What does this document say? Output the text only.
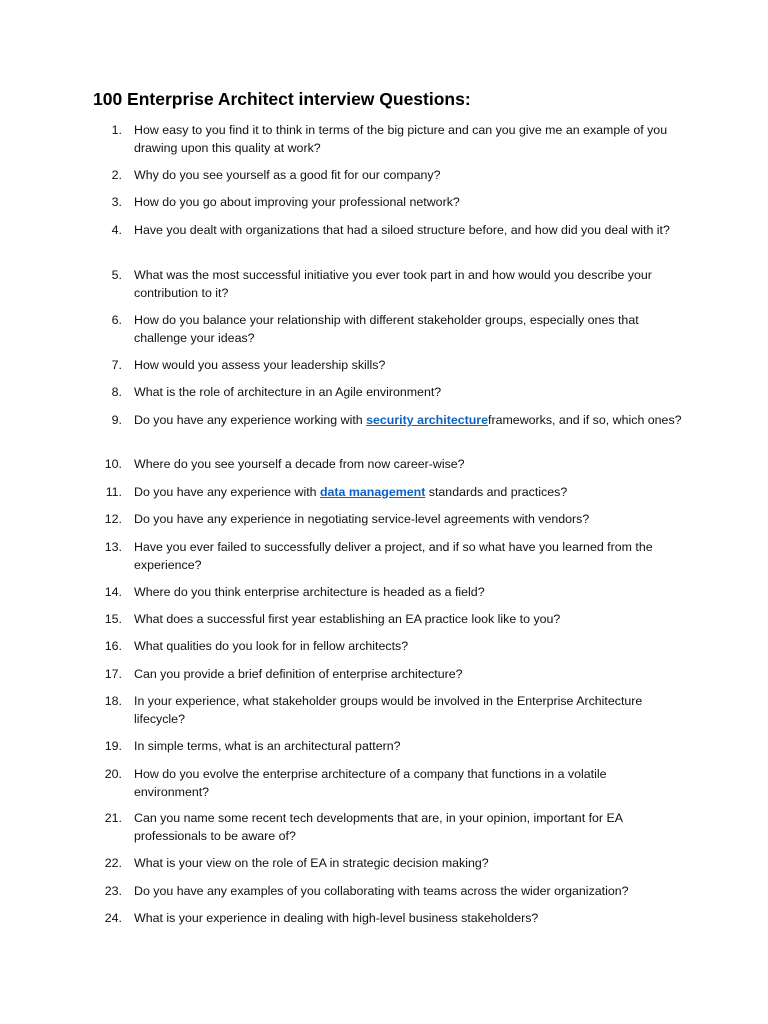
100 Enterprise Architect interview Questions:
1. How easy to you find it to think in terms of the big picture and can you give me an example of you drawing upon this quality at work?
2. Why do you see yourself as a good fit for our company?
3. How do you go about improving your professional network?
4. Have you dealt with organizations that had a siloed structure before, and how did you deal with it?
5. What was the most successful initiative you ever took part in and how would you describe your contribution to it?
6. How do you balance your relationship with different stakeholder groups, especially ones that challenge your ideas?
7. How would you assess your leadership skills?
8. What is the role of architecture in an Agile environment?
9. Do you have any experience working with security architectureframeworks, and if so, which ones?
10. Where do you see yourself a decade from now career-wise?
11. Do you have any experience with data management standards and practices?
12. Do you have any experience in negotiating service-level agreements with vendors?
13. Have you ever failed to successfully deliver a project, and if so what have you learned from the experience?
14. Where do you think enterprise architecture is headed as a field?
15. What does a successful first year establishing an EA practice look like to you?
16. What qualities do you look for in fellow architects?
17. Can you provide a brief definition of enterprise architecture?
18. In your experience, what stakeholder groups would be involved in the Enterprise Architecture lifecycle?
19. In simple terms, what is an architectural pattern?
20. How do you evolve the enterprise architecture of a company that functions in a volatile environment?
21. Can you name some recent tech developments that are, in your opinion, important for EA professionals to be aware of?
22. What is your view on the role of EA in strategic decision making?
23. Do you have any examples of you collaborating with teams across the wider organization?
24. What is your experience in dealing with high-level business stakeholders?
